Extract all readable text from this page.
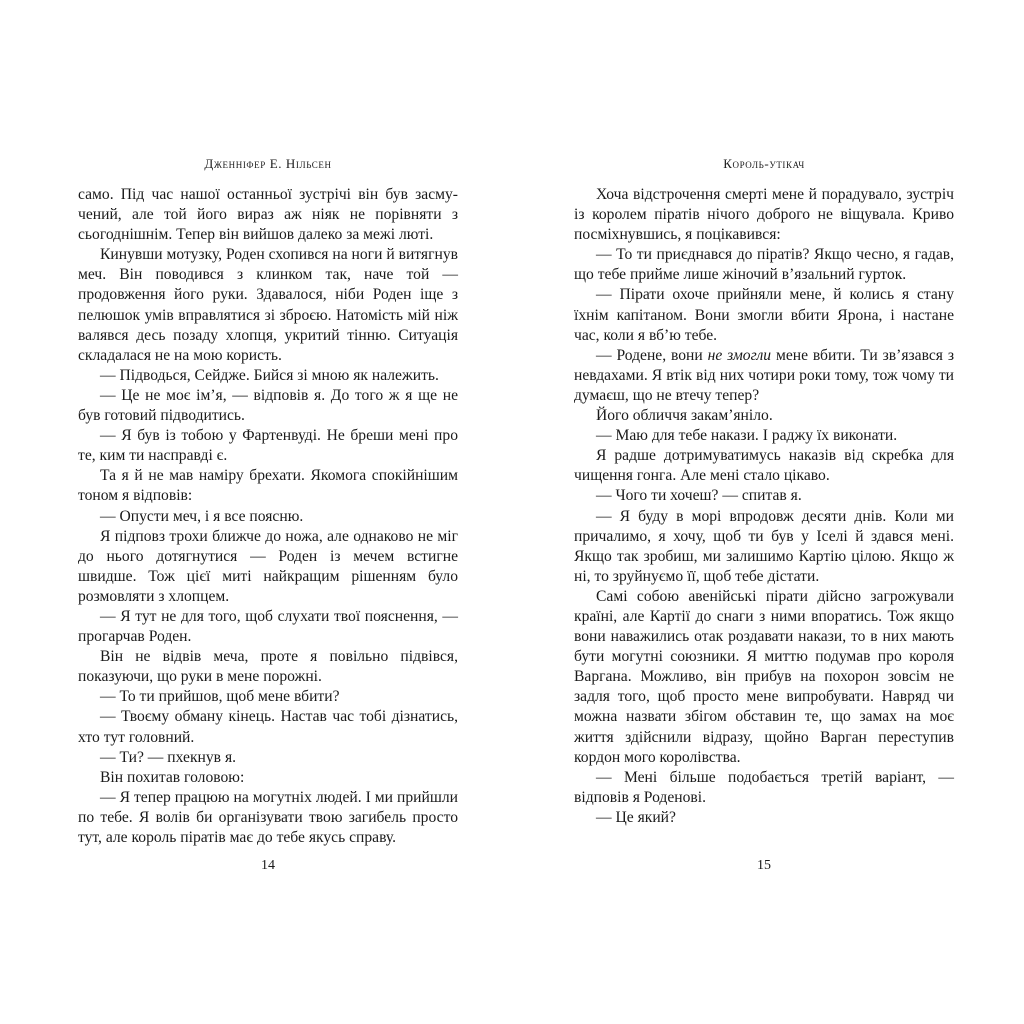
Дженніфер Е. Нільсен

само. Під час нашої останньої зустрічі він був засмучений, але той його вираз аж ніяк не порівняти з сьогоднішнім. Тепер він вийшов далеко за межі люті.

Кинувши мотузку, Роден схопився на ноги й витягнув меч. Він поводився з клинком так, наче той — продовження його руки. Здавалося, ніби Роден іще з пелюшок умів вправлятися зі зброєю. Натомість мій ніж валявся десь позаду хлопця, укритий тінню. Ситуація складалася не на мою користь.

— Підводься, Сейдже. Бийся зі мною як належить.

— Це не моє ім’я, — відповів я. До того ж я ще не був готовий підводитись.

— Я був із тобою у Фартенвуді. Не бреши мені про те, ким ти насправді є.

Та я й не мав наміру брехати. Якомога спокійнішим тоном я відповів:

— Опусти меч, і я все поясню.

Я підповз трохи ближче до ножа, але однаково не міг до нього дотягнутися — Роден із мечем встигне швидше. Тож цієї миті найкращим рішенням було розмовляти з хлопцем.

— Я тут не для того, щоб слухати твої пояснення, — прогарчав Роден.

Він не відвів меча, проте я повільно підвівся, показуючи, що руки в мене порожні.

— То ти прийшов, щоб мене вбити?

— Твоєму обману кінець. Настав час тобі дізнатись, хто тут головний.

— Ти? — пхекнув я.

Він похитав головою:

— Я тепер працюю на могутніх людей. І ми прийшли по тебе. Я волів би організувати твою загибель просто тут, але король піратів має до тебе якусь справу.

14
Король-утікач

Хоча відстрочення смерті мене й порадувало, зустріч із королем піратів нічого доброго не віщувала. Криво посміхнувшись, я поцікавився:

— То ти приєднався до піратів? Якщо чесно, я гадав, що тебе прийме лише жіночий в’язальний гурток.

— Пірати охоче прийняли мене, й колись я стану їхнім капітаном. Вони змогли вбити Ярона, і настане час, коли я вб’ю тебе.

— Родене, вони не змогли мене вбити. Ти зв’язався з невдахами. Я втік від них чотири роки тому, тож чому ти думаєш, що не втечу тепер?

Його обличчя закам’яніло.

— Маю для тебе накази. І раджу їх виконати.

Я радше дотримуватимусь наказів від скребка для чищення гонга. Але мені стало цікаво.

— Чого ти хочеш? — спитав я.

— Я буду в морі впродовж десяти днів. Коли ми причалимо, я хочу, щоб ти був у Іселі й здався мені. Якщо так зробиш, ми залишимо Картію цілою. Якщо ж ні, то зруйнуємо її, щоб тебе дістати.

Самі собою авенійські пірати дійсно загрожували країні, але Картії до снаги з ними впоратись. Тож якщо вони наважились отак роздавати накази, то в них мають бути могутні союзники. Я миттю подумав про короля Варгана. Можливо, він прибув на похорон зовсім не задля того, щоб просто мене випробувати. Навряд чи можна назвати збігом обставин те, що замах на моє життя здійснили відразу, щойно Варган переступив кордон мого королівства.

— Мені більше подобається третій варіант, — відповів я Роденові.

— Це який?

15
